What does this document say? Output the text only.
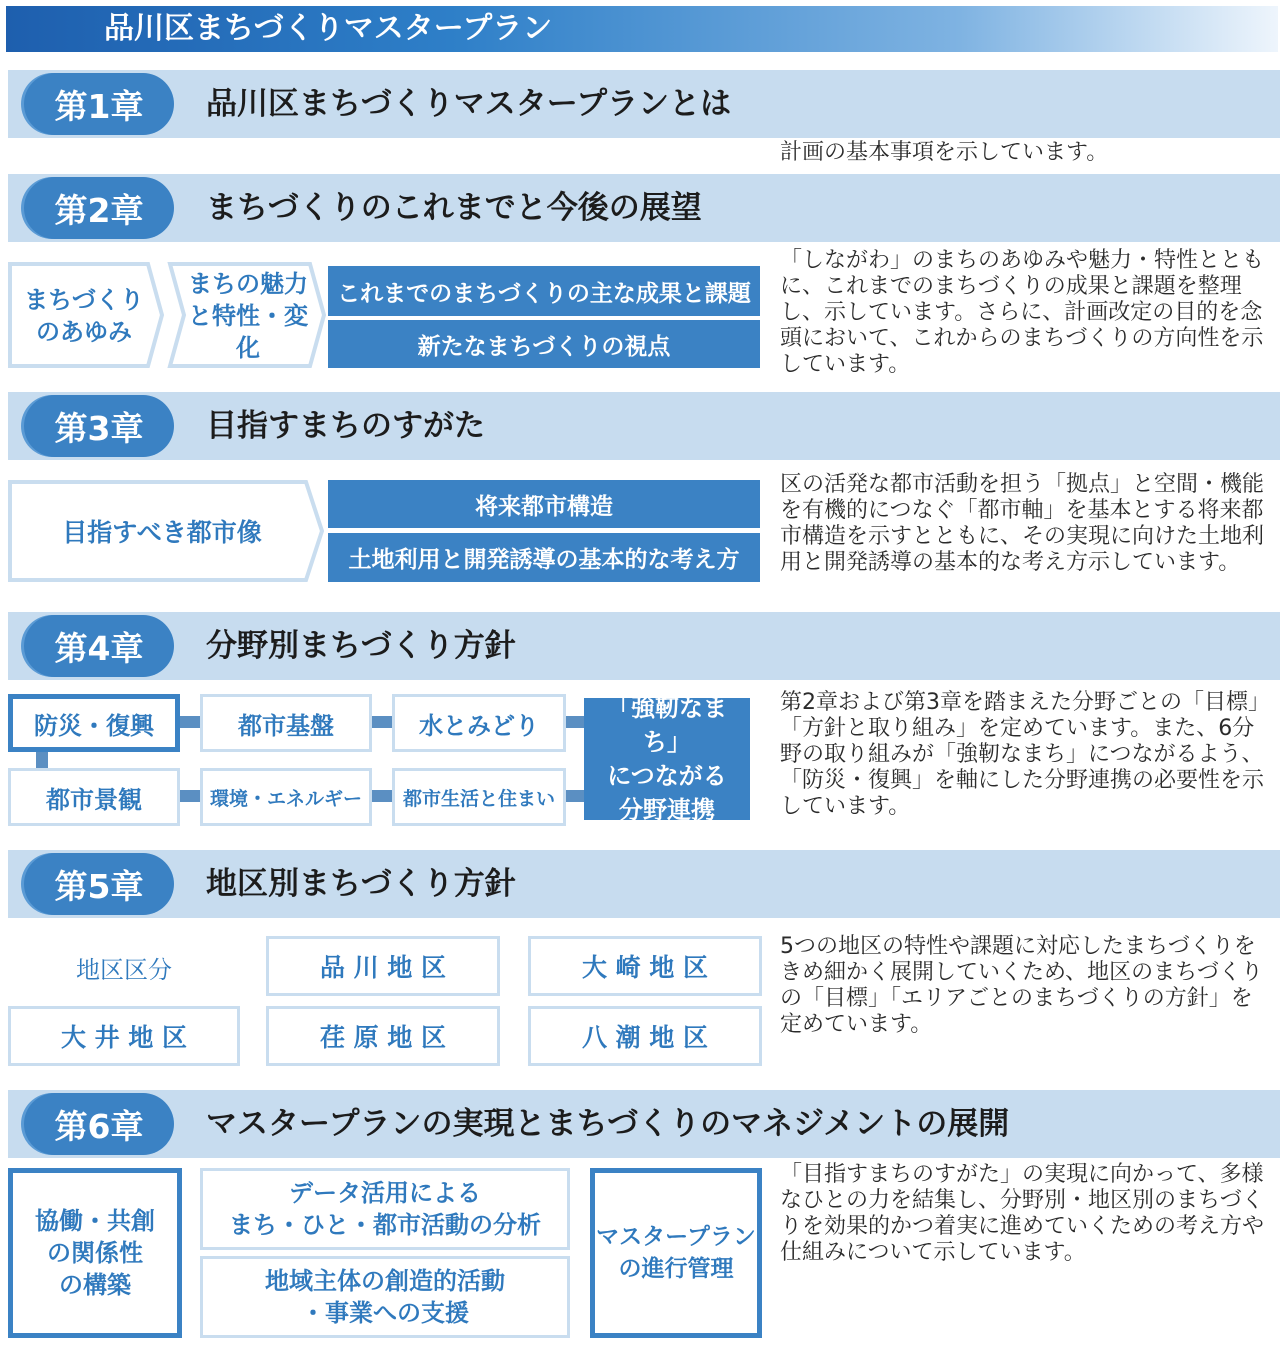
品川区まちづくりマスタープラン
第1章	品川区まちづくりマスタープランとは
計画の基本事項を示しています。
第2章	まちづくりのこれまでと今後の展望
「しながわ」のまちのあゆみや魅力・特性とともに、これまでのまちづくりの成果と課題を整理し、示しています。さらに、計画改定の目的を念頭において、これからのまちづくりの方向性を示しています。
まちづくり
のあゆみ
まちの魅力
と特性・変化
これまでのまちづくりの主な成果と課題
新たなまちづくりの視点
第3章	目指すまちのすがた
区の活発な都市活動を担う「拠点」と空間・機能を有機的につなぐ「都市軸」を基本とする将来都市構造を示すとともに、その実現に向けた土地利用と開発誘導の基本的な考え方示しています。
目指すべき都市像
将来都市構造
土地利用と開発誘導の基本的な考え方
第4章	分野別まちづくり方針
第2章および第3章を踏まえた分野ごとの「目標」「方針と取り組み」を定めています。また、6分野の取り組みが「強靭なまち」につながるよう、「防災・復興」を軸にした分野連携の必要性を示しています。
防災・復興	都市基盤	水とみどり
都市景観	環境・エネルギー	都市生活と住まい
「強靭なまち」
につながる
分野連携
第5章	地区別まちづくり方針
5つの地区の特性や課題に対応したまちづくりをきめ細かく展開していくため、地区のまちづくりの「目標」「エリアごとのまちづくりの方針」を定めています。
地区区分	品 川 地 区	大 崎 地 区
大 井 地 区	荏 原 地 区	八 潮 地 区
第6章	マスタープランの実現とまちづくりのマネジメントの展開
「目指すまちのすがた」の実現に向かって、多様なひとの力を結集し、分野別・地区別のまちづくりを効果的かつ着実に進めていくための考え方や仕組みについて示しています。
協働・共創
の関係性
の構築
データ活用による
まち・ひと・都市活動の分析
地域主体の創造的活動
・事業への支援
マスタープラン
の進行管理
